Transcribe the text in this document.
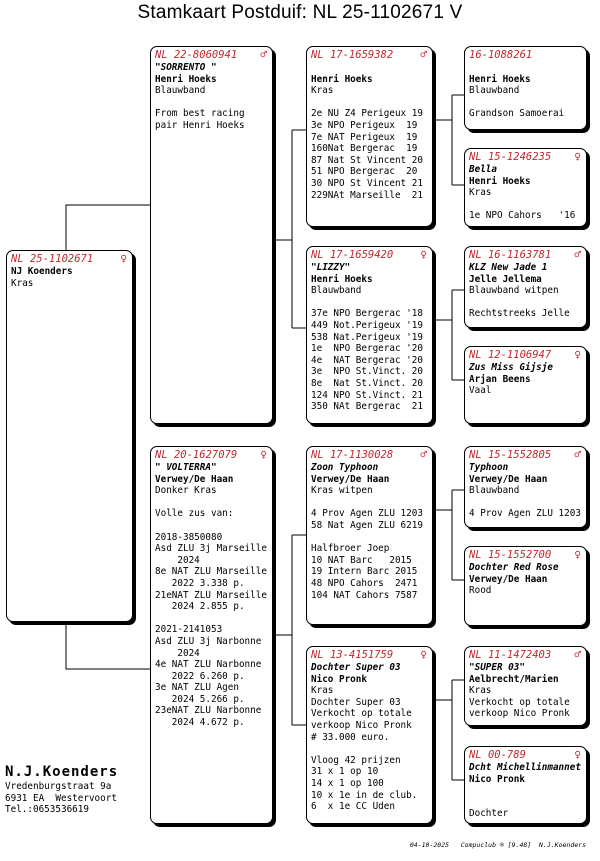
Stamkaart Postduif: NL 25-1102671 V
NL 25-1102671 ♀
NJ Koenders
Kras
NL 22-8060941 ♂
"SORRENTO "
Henri Hoeks
Blauwband
From best racing
pair Henri Hoeks
NL 20-1627079 ♀
" VOLTERRA"
Verwey/De Haan
Donker Kras
Volle zus van:
2018-3850080
Asd ZLU 3j Marseille
2024
8e NAT ZLU Marseille
2022 3.338 p.
21eNAT ZLU Marseille
2024 2.855 p.
2021-2141053
Asd ZLU 3j Narbonne
2024
4e NAT ZLU Narbonne
2022 6.260 p.
3e NAT ZLU Agen
2024 5.266 p.
23eNAT ZLU Narbonne
2024 4.672 p.
NL 17-1659382 ♂
Henri Hoeks
Kras
2e NU Z4 Perigeux 19
3e NPO Perigeux  19
7e NAT Perigeux  19
160Nat Bergerac  19
87 Nat St Vincent 20
51 NPO Bergerac  20
30 NPO St Vincent 21
229NAt Marseille  21
NL 17-1659420 ♀
"LIZZY"
Henri Hoeks
Blauwband
37e NPO Bergerac '18
449 Not.Perigeux '19
538 Nat.Perigeux '19
1e  NPO Bergerac '20
4e  NAT Bergerac '20
3e  NPO St.Vinct. 20
8e  Nat St.Vinct. 20
124 NPO St.Vinct. 21
350 NAt Bergerac  21
NL 17-1130028 ♂
Zoon Typhoon
Verwey/De Haan
Kras witpen
4 Prov Agen ZLU 1203
58 Nat Agen ZLU 6219
Halfbroer Joep
10 NAT Barc   2015
19 Intern Barc 2015
48 NPO Cahors  2471
104 NAT Cahors 7587
NL 13-4151759 ♀
Dochter Super 03
Nico Pronk
Kras
Dochter Super 03
Verkocht op totale
verkoop Nico Pronk
# 33.000 euro.
Vloog 42 prijzen
31 x 1 op 10
14 x 1 op 100
10 x 1e in de club.
6  x 1e CC Uden
16-1088261
Henri Hoeks
Blauwband
Grandson Samoerai
NL 15-1246235 ♀
Bella
Henri Hoeks
Kras
1e NPO Cahors   '16
NL 16-1163781 ♂
KLZ New Jade 1
Jelle Jellema
Blauwband witpen
Rechtstreeks Jelle
NL 12-1106947 ♀
Zus Miss Gijsje
Arjan Beens
Vaal
NL 15-1552805 ♂
Typhoon
Verwey/De Haan
Blauwband
4 Prov Agen ZLU 1203
NL 15-1552700 ♀
Dochter Red Rose
Verwey/De Haan
Rood
NL 11-1472403 ♂
"SUPER 03"
Aelbrecht/Marien
Kras
Verkocht op totale
verkoop Nico Pronk
NL 00-789	♀
Dcht Michellinmannet
Nico Pronk
Dochter
N.J.Koenders
Vredenburgstraat 9a
6931 EA  Westervoort
Tel.:0653536619
04-10-2025   Compuclub ® [9.48]  N.J.Koenders
